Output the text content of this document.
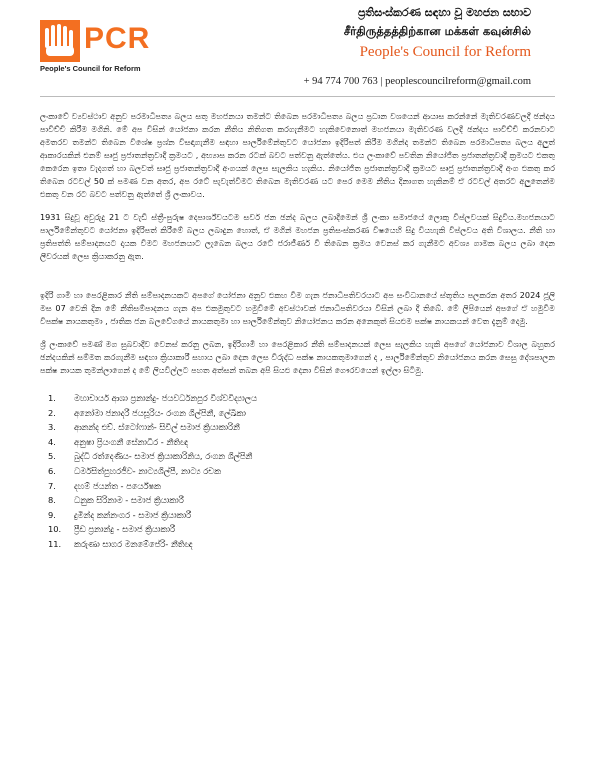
PCR
People's Council for Reform
ප්‍රතිසංස්කරණ සඳහා වූ මහජන සභාව
சீர்திருத்தத்திற்கான மக்கள் கவுன்சில்
People's Council for Reform
+ 94 774 700 763 | peoplescouncilreform@gmail.com

ලංකාවේ ව්‍යවස්ථාව අනුව පරමාධිපත්‍ය බලය සතු මහජනයා තමන්ට තිබෙන පරමාධිපත්‍ය බලය ප්‍රධාන වශයෙන් ආයාස කරන්නේ මැතිවරණවලදී ඡන්දය පාවිච්චි කිරීම මගිනි. මේ අප විසින් යෝජනා කරන නීතිය නිතිගත කරගැනීමට හැකිවෙනොත් මහජනයා මැතිවරණ වලදී ඡන්දය පාවිච්චි කරනවාට අමතරව තමන්ට තිබෙන විශේෂ ප්‍රශ්න විසඳාගැනීම සඳහා පාර්ලිමේන්තුවට යෝජනා ඉදිරිපත් කිරීම මගින්ද තමන්ට තිබෙන පරමාධිපත්‍ය බලය අලුත් ආකාරයකින් එනම් සෘජු ප්‍රජාතන්ත්‍රවාදී ක්‍රමයට , අභ්‍යාස කරන රටක් බවට පත්වනු ඇත්තේය. එය ලංකාවේ පවතින නියෝජිත ප්‍රජාතන්ත්‍රවාදී ක්‍රමයට එකතු කෙරෙන ඉතා වැදගත් හා බලවත් සෘජු ප්‍රජාතන්ත්‍රවාදී අංගයක් ලෙස සැලකිය හැකිය. නියෝජිත ප්‍රජාතන්ත්‍රවාදී ක්‍රමයට සෘජු ප්‍රජාතන්ත්‍රවාදී අංග එකතු කර තිබෙන රටවල් 50 ක් පමණ වන අතර, අප රටේ පැවැත්වීමට තිබෙන මැතිවරණ යට පෙර මෙම නීතිය දිනාගත හැකිනම් ඒ රටවල් අතරට අලුතෙන්ම එකතු වන රට බවට පත්වනු ඇත්තේ ශ්‍රී ලංකාවය.

1931 සිදුවූ අවුරුදු 21 ට වැඩි ස්ත්‍රී-පුරුෂ දෙපාර්ශ්වයටම සර්ව ජන ඡන්ද බලය ලබාදීමෙන් ශ්‍රී ලංකා සමාජයේ ලොකු විප්ලවයක් සිදුවිය.මහජනයාට පාර්ලිමේන්තුවට යෝජනා ඉදිරිපත් කිරීමේ බලය ලබාදුන හොත්, ඒ මගින් මහජන ප්‍රතිසංස්කරණ විෂයෙහි සිදු වියහැකි විප්ලවය අති විශාලය. නීති හා ප්‍රතිපත්ති සම්පාදනයට දායක වීමට මහජනයාට ලැබෙන බලය රටේ ජරාජීර්ණ වී තිබෙන ක්‍රමය වෙනස් කර ගැනීමට අවශ්‍ය ගාමක බලය ලබා දෙන ලීවරයක් ලෙස ක්‍රියාකරනු ඇත.

ඉදිරි ගාමී හා පෙරළිකාර නීති සම්පාදනයකට අපගේ යෝජනා අනුව එකහ වීම ගැන ජනාධිපතිවරයාට අප සංවිධානයේ ස්තූතිය පලකරන අතර 2024 ජූලි මස 07 වෙනි දින මේ නීතිසම්පාදනය ගැන අප එකමුතුවට හමුවීමේ අවස්ථාවක් ජනාධිපතිවරයා විසින් ලබා දී තිබේ. මේ ලිපියෙන් අපගේ ඒ හමුවීම විපක්ෂ නායකතුමා , ජාතික ජන බලවේගයේ නායකතුමා හා පාර්ලිමේන්තුව නියෝජනය කරන අනෙකුත් සියළුම පක්ෂ නායකයන් වෙත දැනුම් දෙමු.

ශ්‍රී ලංකාවේ පමණ් මග සුබවාදීව වෙනස් කරනු ලබන, ඉදිරිගාමී හා පෙරළිකාර නීති සම්පාදනයක් ලෙස සැලකිය හැකි අපගේ යෝජනාව විශාල බහුතර ඡන්දයකින් සම්මත කරගැනීම සඳහා ක්‍රියාකාරී සහාය ලබා දෙන ලෙස විරුද්ධ පක්ෂ නායකතුමාගෙන් ද , පාර්ලිමේන්තුව නියෝජනය කරන සෙසු දේශපාලන පක්ෂ නායක තුමන්ලාගෙන් ද මේ ලියවිල්ලට පහත අත්සන් තබන අපි සියළු දෙනා විසින් ගෞරවයෙන් ඉල්ලා සිටිමු.

1. මහාචාර්ය ආශා ප්‍රනාන්දු- ජයවර්ධනපුර විශ්වවිද්‍යාලය
2. අනෝමා ජනාදරී ජයසූරිය- රංගන ශිල්පිනී, ලේඛිකා
3. ආනන්ද එච්. ස්ටෝෆාන්- සිවිල් සමාජ ක්‍රියාකාරිනී
4. අනුෂා ප්‍රියංගනී සේනාධීර - නීතිඥ
5. බුද්ධි රත්දෙණිය- සමාජ ක්‍රියාකාරිනිය, රංගන ශිල්පිනී
6. ධර්මසිත්පුහරජීව- නාට්‍යශිල්පී, නාට්‍ය රචක
7. දහම් ජයන්ත - පර්යේෂක
8. ධනුක සිරිනාම - සමාජ ක්‍රියාකාරී
9. දුමින්ද කන්නංගර - සමාජ ක්‍රියාකාරී
10. ප්‍රීඩ ප්‍රනාන්දු - සමාජ ක්‍රියාකාරී
11. කරුණා සාගර මනමේපේරි- නීතිඥ
